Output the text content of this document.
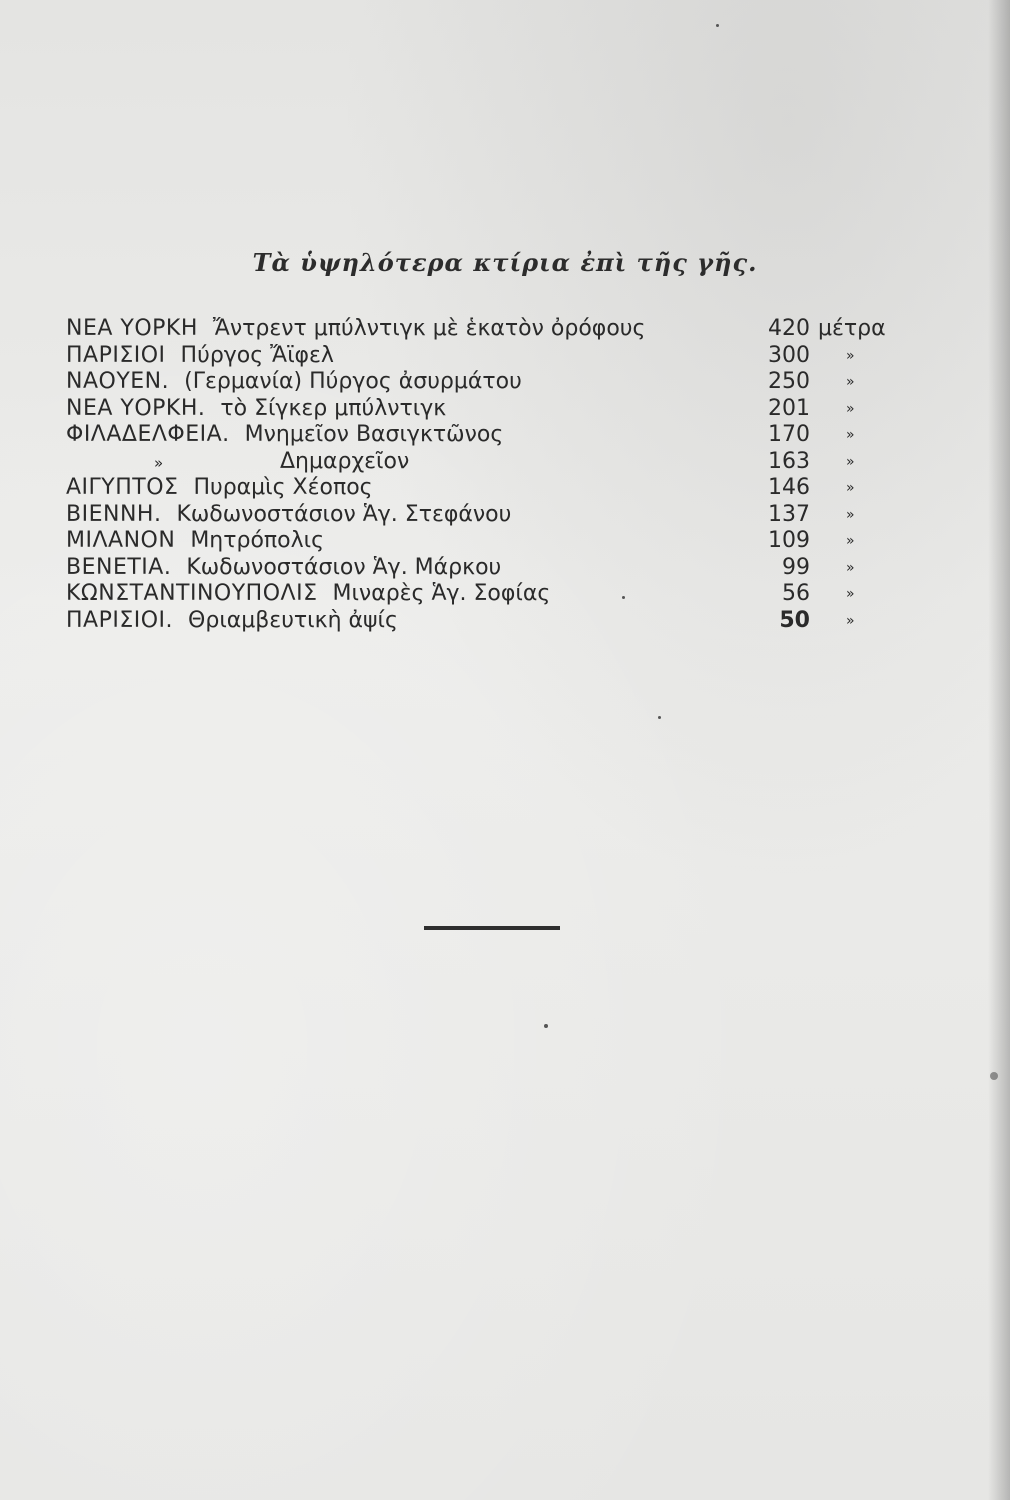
Τὰ ὑψηλότερα κτίρια ἐπὶ τῆς γῆς.
ΝΕΑ ΥΟΡΚΗ Ἄντρεντ μπύλντιγκ μὲ ἑκατὸν ὀρόφους	420 μέτρα
ΠΑΡΙΣΙΟΙ Πύργος Ἄϊφελ	300	»
ΝΑΟΥΕΝ. (Γερμανία) Πύργος ἀσυρμάτου	250	»
ΝΕΑ ΥΟΡΚΗ. τὸ Σίγκερ μπύλντιγκ	201	»
ΦΙΛΑΔΕΛΦΕΙΑ. Μνημεῖον Βασιγκτῶνος	170	»
»	Δημαρχεῖον	163	»
ΑΙΓΥΠΤΟΣ Πυραμὶς Χέοπος	146	»
ΒΙΕΝΝΗ. Κωδωνοστάσιον Ἁγ. Στεφάνου	137	»
ΜΙΛΑΝΟΝ Μητρόπολις	109	»
ΒΕΝΕΤΙΑ. Κωδωνοστάσιον Ἁγ. Μάρκου	99	»
ΚΩΝΣΤΑΝΤΙΝΟΥΠΟΛΙΣ Μιναρὲς Ἁγ. Σοφίας	56	»
ΠΑΡΙΣΙΟΙ. Θριαμβευτικὴ ἀψίς	50	»
